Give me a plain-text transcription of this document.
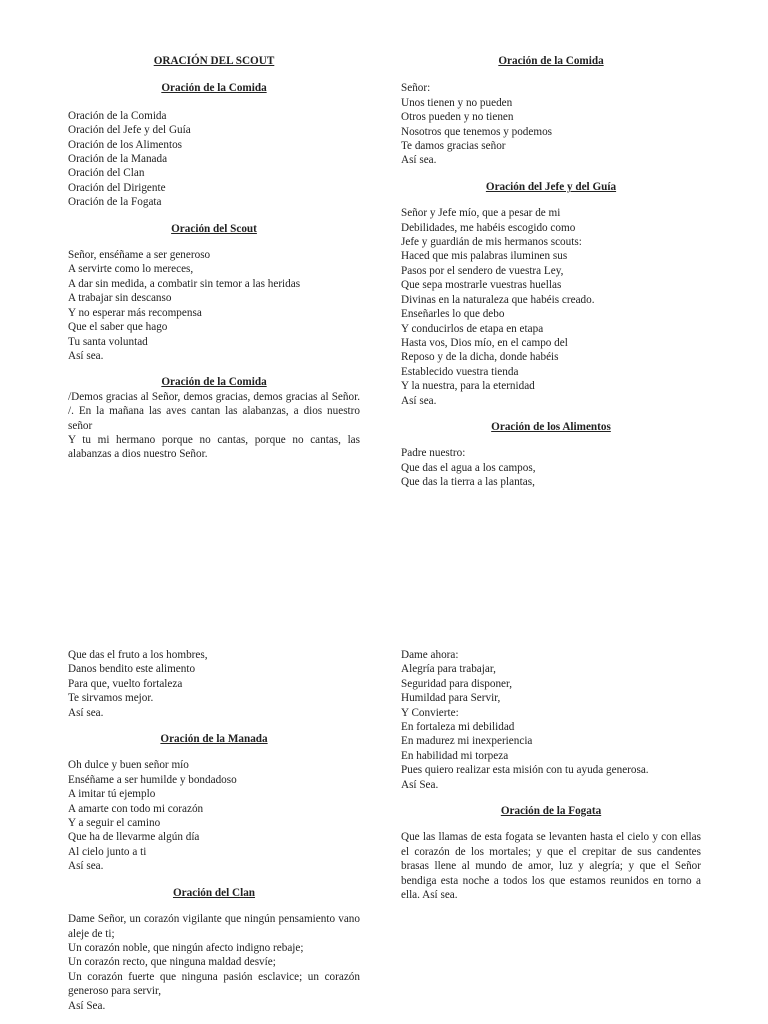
ORACIÓN DEL SCOUT
Oración de la Comida
Oración de la Comida
Oración del Jefe y del Guía
Oración de los Alimentos
Oración de la Manada
Oración del Clan
Oración del Dirigente
Oración de la Fogata
Oración del Scout
Señor, enséñame a ser generoso
A servirte como lo mereces,
A dar sin medida, a combatir sin temor a las heridas
A trabajar sin descanso
Y no esperar más recompensa
Que el saber que hago
Tu santa voluntad
Así sea.
Oración de la Comida
/Demos gracias al Señor, demos gracias, demos gracias al Señor. /. En la mañana las aves cantan las alabanzas, a dios nuestro señor
Y tu mi hermano porque no cantas, porque no cantas, las alabanzas a dios nuestro Señor.
Oración de la Comida
Señor:
Unos tienen y no pueden
Otros pueden y no tienen
Nosotros que tenemos y podemos
Te damos gracias señor
Así sea.
Oración del Jefe y del Guía
Señor y Jefe mío, que a pesar de mi
Debilidades, me habéis escogido como
Jefe y guardián de mis hermanos scouts:
Haced que mis palabras iluminen sus
Pasos por el sendero de vuestra Ley,
Que sepa mostrarle vuestras huellas
Divinas en la naturaleza que habéis creado.
Enseñarles lo que debo
Y conducirlos de etapa en etapa
Hasta vos, Dios mío, en el campo del
Reposo y de la dicha, donde habéis
Establecido vuestra tienda
Y la nuestra, para la eternidad
Así sea.
Oración de los Alimentos
Padre nuestro:
Que das el agua a los campos,
Que das la tierra a las plantas,
Que das el fruto a los hombres,
Danos bendito este alimento
Para que, vuelto fortaleza
Te sirvamos mejor.
Así sea.
Oración de la Manada
Oh dulce y buen señor mío
Enséñame a ser humilde y bondadoso
A imitar tú ejemplo
A amarte con todo mi corazón
Y a seguir el camino
Que ha de llevarme algún día
Al cielo junto a ti
Así sea.
Oración del Clan
Dame Señor, un corazón vigilante que ningún pensamiento vano aleje de ti;
Un corazón noble, que ningún afecto indigno rebaje;
Un corazón recto, que ninguna maldad desvíe;
Un corazón fuerte que ninguna pasión esclavice; un corazón generoso para servir,
Así Sea.
Dame ahora:
Alegría para trabajar,
Seguridad para disponer,
Humildad para Servir,
Y Convierte:
En fortaleza mi debilidad
En madurez mi inexperiencia
En habilidad mi torpeza
Pues quiero realizar esta misión con tu ayuda generosa.
Así Sea.
Oración de la Fogata
Que las llamas de esta fogata se levanten hasta el cielo y con ellas el corazón de los mortales; y que el crepitar de sus candentes brasas llene al mundo de amor, luz y alegría; y que el Señor bendiga esta noche a todos los que estamos reunidos en torno a ella. Así sea.
